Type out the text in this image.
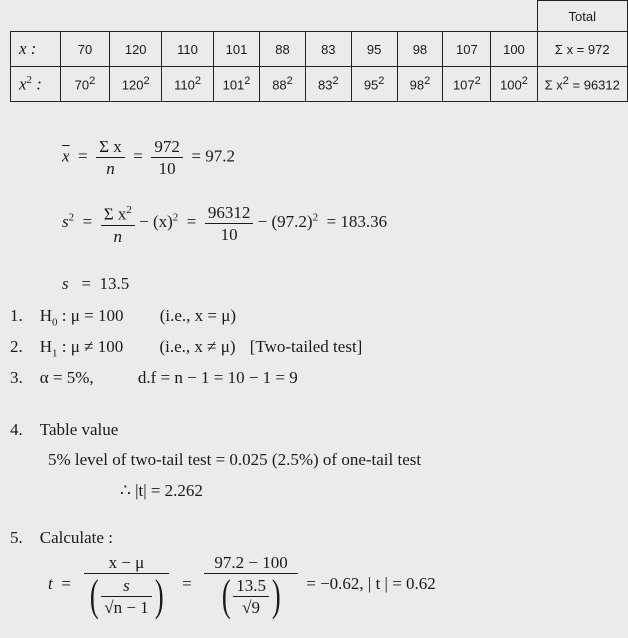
											Total
x :	70	120	110	101	88	83	95	98	107	100	Σ x = 972
$x^2$ :	$70^2$	$120^2$	$110^2$	$101^2$	$88^2$	$83^2$	$95^2$	$98^2$	$107^2$	$100^2$	Σ $x^2 = 96312$
$\overline{x} = \frac{\text{Σ x}}{n} = \frac{972}{10} = 97.2$
$s^2 = \frac{\Sigma x^2}{n} - (x)^2 = \frac{96312}{10} - (97.2)^2 = 183.36$
s = 13.5
1. $H_0$ : μ = 100 (i.e., x = μ)
2. $H_1$ : μ ≠ 100 (i.e., x ≠ μ) [Two-tailed test]
3. α = 5%,	d.f = n − 1 = 10 − 1 = 9
4. Table value
5% level of two-tail test = 0.025 (2.5%) of one-tail test
∴ |t| = 2.262
5. Calculate :
$t = \frac{x - \mu}{( \frac{s}{√n - 1} )} = \frac{97.2 - 100}{( \frac{13.5}{√9} )} = -0.62$, | t | = 0.62
